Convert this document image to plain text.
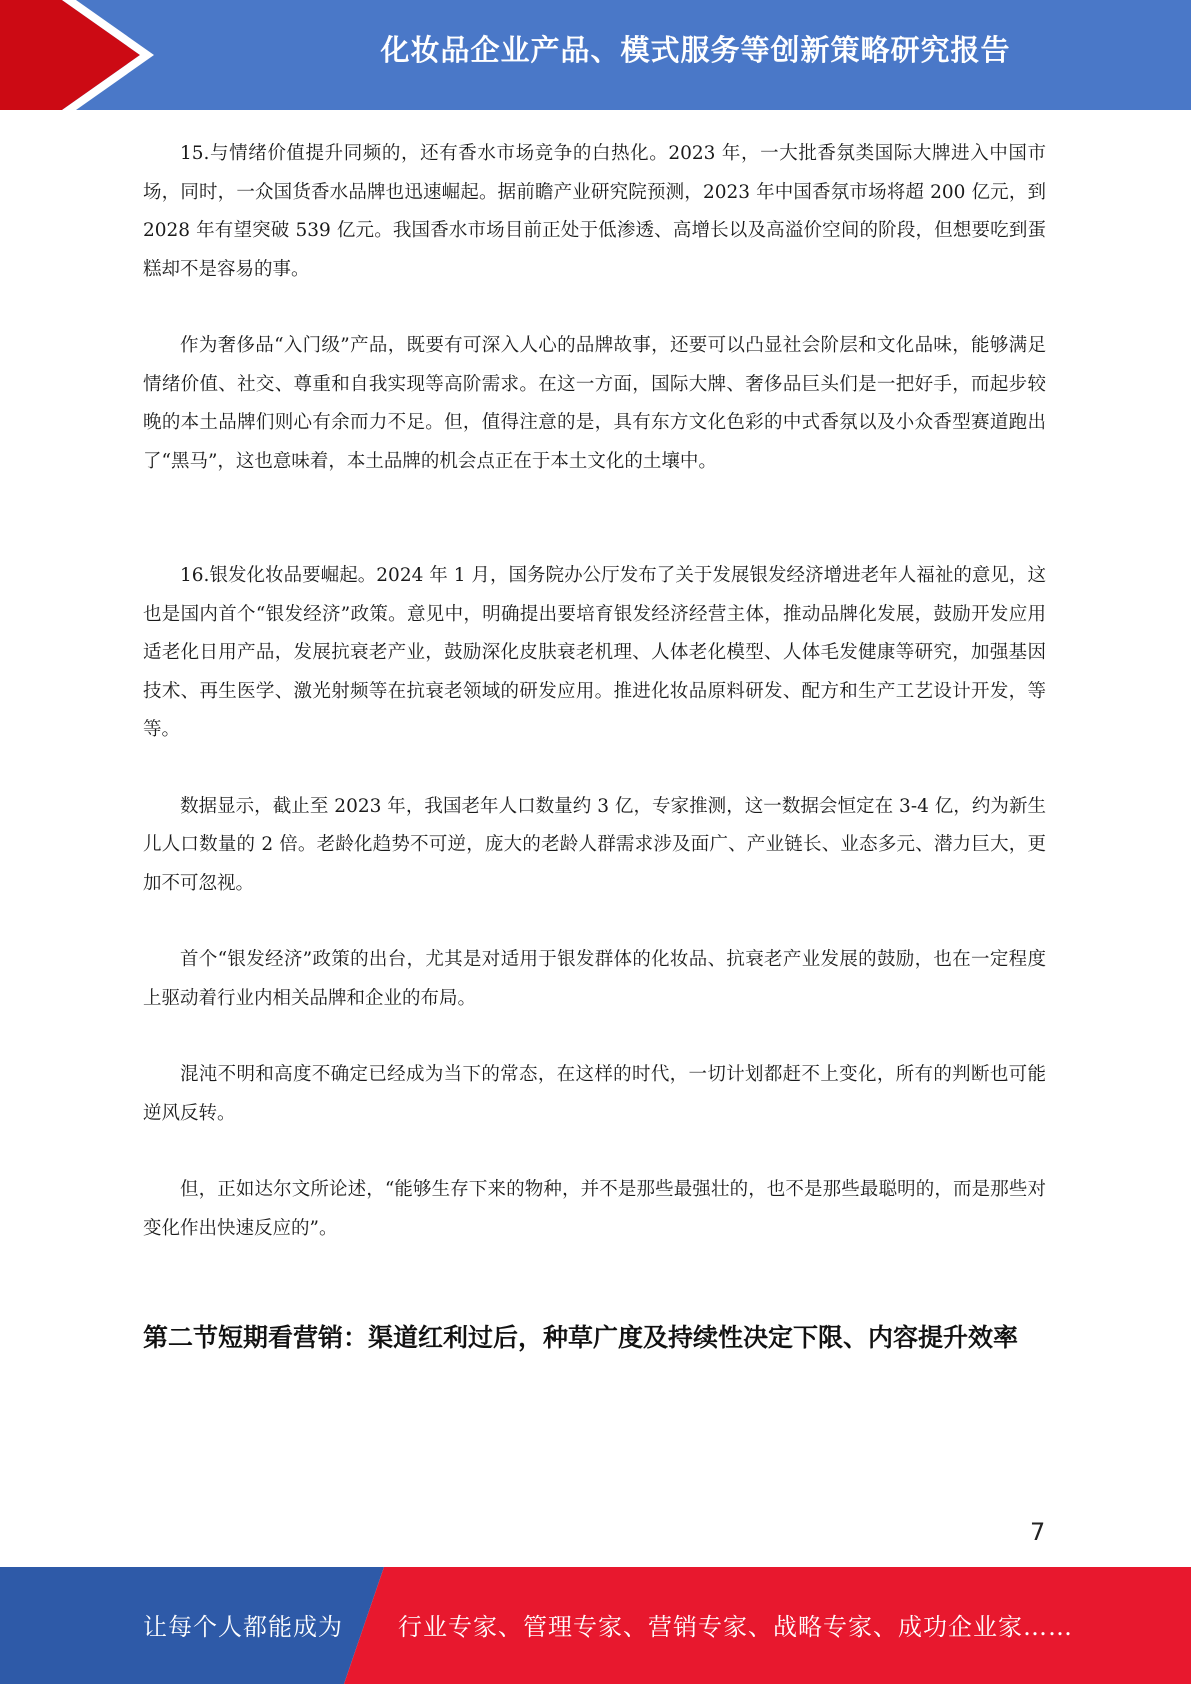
化妆品企业产品、模式服务等创新策略研究报告

15.与情绪价值提升同频的，还有香水市场竞争的白热化。2023 年，一大批香氛类国际大牌进入中国市场，同时，一众国货香水品牌也迅速崛起。据前瞻产业研究院预测，2023 年中国香氛市场将超 200 亿元，到 2028 年有望突破 539 亿元。我国香水市场目前正处于低渗透、高增长以及高溢价空间的阶段，但想要吃到蛋糕却不是容易的事。

作为奢侈品“入门级”产品，既要有可深入人心的品牌故事，还要可以凸显社会阶层和文化品味，能够满足情绪价值、社交、尊重和自我实现等高阶需求。在这一方面，国际大牌、奢侈品巨头们是一把好手，而起步较晚的本土品牌们则心有余而力不足。但，值得注意的是，具有东方文化色彩的中式香氛以及小众香型赛道跑出了“黑马”，这也意味着，本土品牌的机会点正在于本土文化的土壤中。

16.银发化妆品要崛起。2024 年 1 月，国务院办公厅发布了关于发展银发经济增进老年人福祉的意见，这也是国内首个“银发经济”政策。意见中，明确提出要培育银发经济经营主体，推动品牌化发展，鼓励开发应用适老化日用产品，发展抗衰老产业，鼓励深化皮肤衰老机理、人体老化模型、人体毛发健康等研究，加强基因技术、再生医学、激光射频等在抗衰老领域的研发应用。推进化妆品原料研发、配方和生产工艺设计开发，等等。

数据显示，截止至 2023 年，我国老年人口数量约 3 亿，专家推测，这一数据会恒定在 3-4 亿，约为新生儿人口数量的 2 倍。老龄化趋势不可逆，庞大的老龄人群需求涉及面广、产业链长、业态多元、潜力巨大，更加不可忽视。

首个“银发经济”政策的出台，尤其是对适用于银发群体的化妆品、抗衰老产业发展的鼓励，也在一定程度上驱动着行业内相关品牌和企业的布局。

混沌不明和高度不确定已经成为当下的常态，在这样的时代，一切计划都赶不上变化，所有的判断也可能逆风反转。

但，正如达尔文所论述，“能够生存下来的物种，并不是那些最强壮的，也不是那些最聪明的，而是那些对变化作出快速反应的”。

第二节短期看营销：渠道红利过后，种草广度及持续性决定下限、内容提升效率
7
让每个人都能成为 行业专家、管理专家、营销专家、战略专家、成功企业家……
